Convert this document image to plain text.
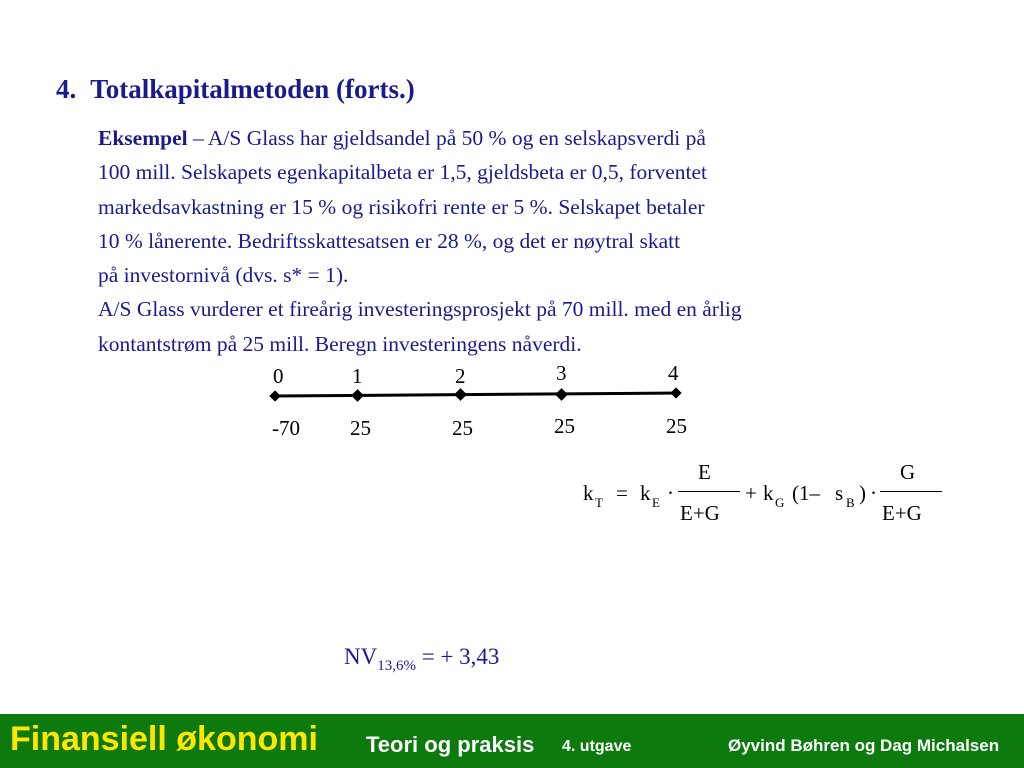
4. Totalkapitalmetoden (forts.)

Eksempel – A/S Glass har gjeldsandel på 50 % og en selskapsverdi på

100 mill. Selskapets egenkapitalbeta er 1,5, gjeldsbeta er 0,5, forventet

markedsavkastning er 15 % og risikofri rente er 5 %. Selskapet betaler

10 % lånerente. Bedriftsskattesatsen er 28 %, og det er nøytral skatt

på investornivå (dvs. s* = 1).

A/S Glass vurderer et fireårig investeringsprosjekt på 70 mill. med en årlig

kontantstrøm på 25 mill. Beregn investeringens nåverdi.

0	1	2	3	4
-70 25	25	25	25
k T = k E ·
E
E+G
+ k G (1– s B ) ·
G
E+G
$NV_{13,6\%}$ = + 3,43
Finansiell økonomi Teori og praksis 4. utgave	Øyvind Bøhren og Dag Michalsen
